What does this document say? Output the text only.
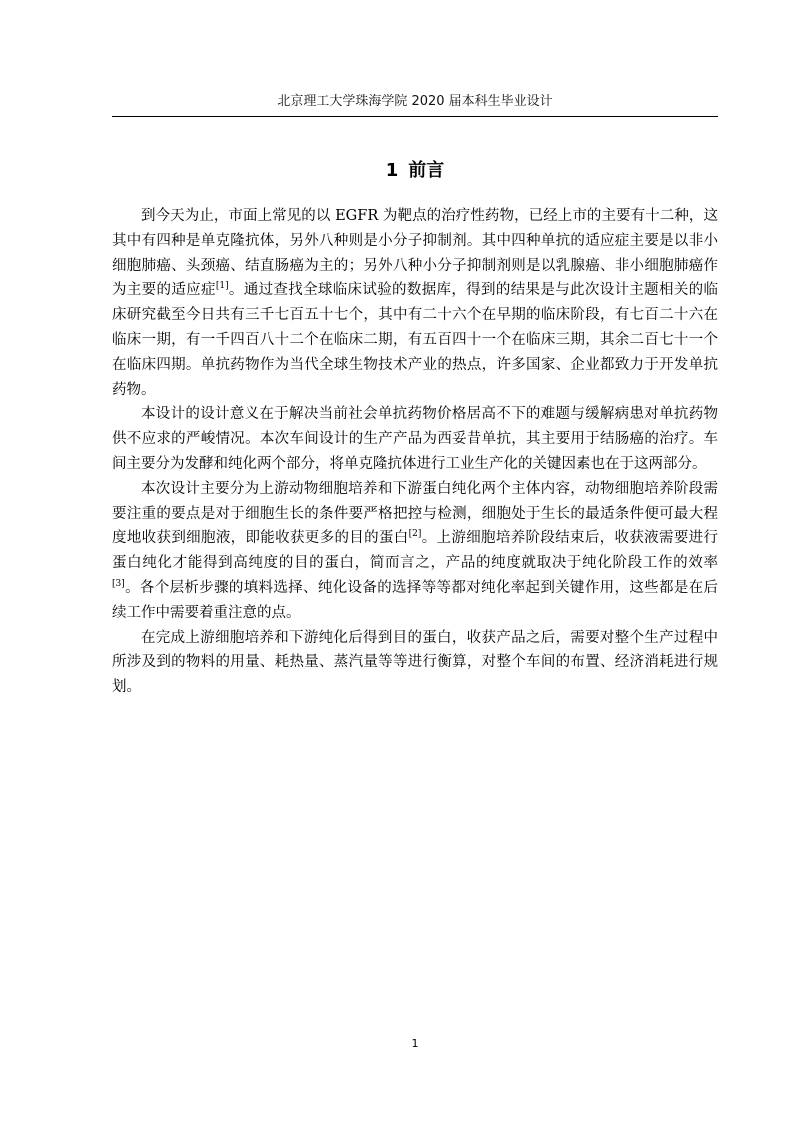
北京理工大学珠海学院 2020 届本科生毕业设计
1 前言

到今天为止，市面上常见的以 EGFR 为靶点的治疗性药物，已经上市的主要有十二种，这其中有四种是单克隆抗体，另外八种则是小分子抑制剂。其中四种单抗的适应症主要是以非小细胞肺癌、头颈癌、结直肠癌为主的；另外八种小分子抑制剂则是以乳腺癌、非小细胞肺癌作为主要的适应症[1]。通过查找全球临床试验的数据库，得到的结果是与此次设计主题相关的临床研究截至今日共有三千七百五十七个，其中有二十六个在早期的临床阶段，有七百二十六在临床一期，有一千四百八十二个在临床二期，有五百四十一个在临床三期，其余二百七十一个在临床四期。单抗药物作为当代全球生物技术产业的热点，许多国家、企业都致力于开发单抗药物。

本设计的设计意义在于解决当前社会单抗药物价格居高不下的难题与缓解病患对单抗药物供不应求的严峻情况。本次车间设计的生产产品为西妥昔单抗，其主要用于结肠癌的治疗。车间主要分为发酵和纯化两个部分，将单克隆抗体进行工业生产化的关键因素也在于这两部分。

本次设计主要分为上游动物细胞培养和下游蛋白纯化两个主体内容，动物细胞培养阶段需要注重的要点是对于细胞生长的条件要严格把控与检测，细胞处于生长的最适条件便可最大程度地收获到细胞液，即能收获更多的目的蛋白[2]。上游细胞培养阶段结束后，收获液需要进行蛋白纯化才能得到高纯度的目的蛋白，简而言之，产品的纯度就取决于纯化阶段工作的效率[3]。各个层析步骤的填料选择、纯化设备的选择等等都对纯化率起到关键作用，这些都是在后续工作中需要着重注意的点。

在完成上游细胞培养和下游纯化后得到目的蛋白，收获产品之后，需要对整个生产过程中所涉及到的物料的用量、耗热量、蒸汽量等等进行衡算，对整个车间的布置、经济消耗进行规划。

1
